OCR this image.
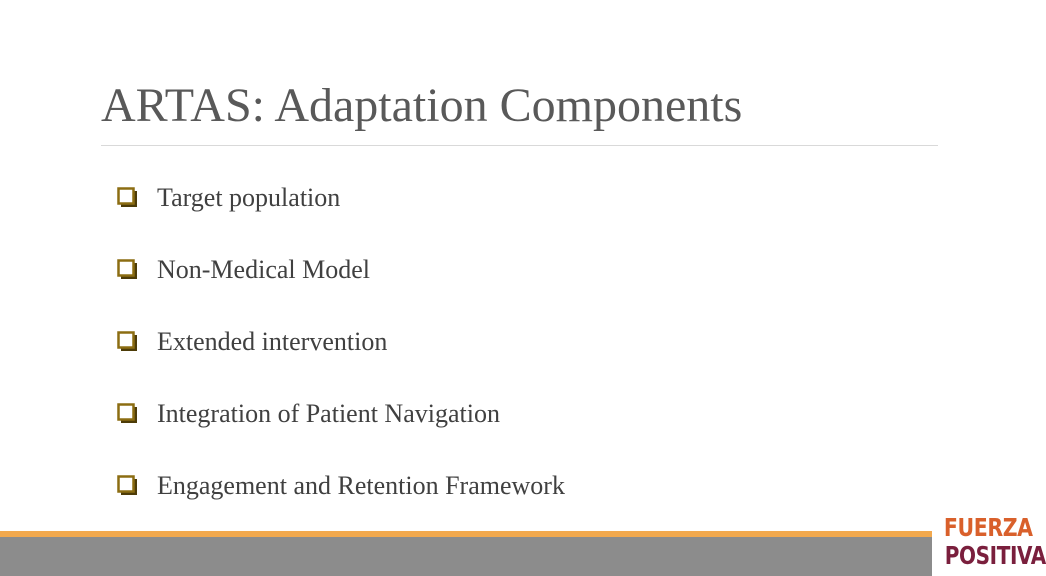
ARTAS: Adaptation Components
Target population
Non-Medical Model
Extended intervention
Integration of Patient Navigation
Engagement and Retention Framework
FUERZA
POSITIVA
